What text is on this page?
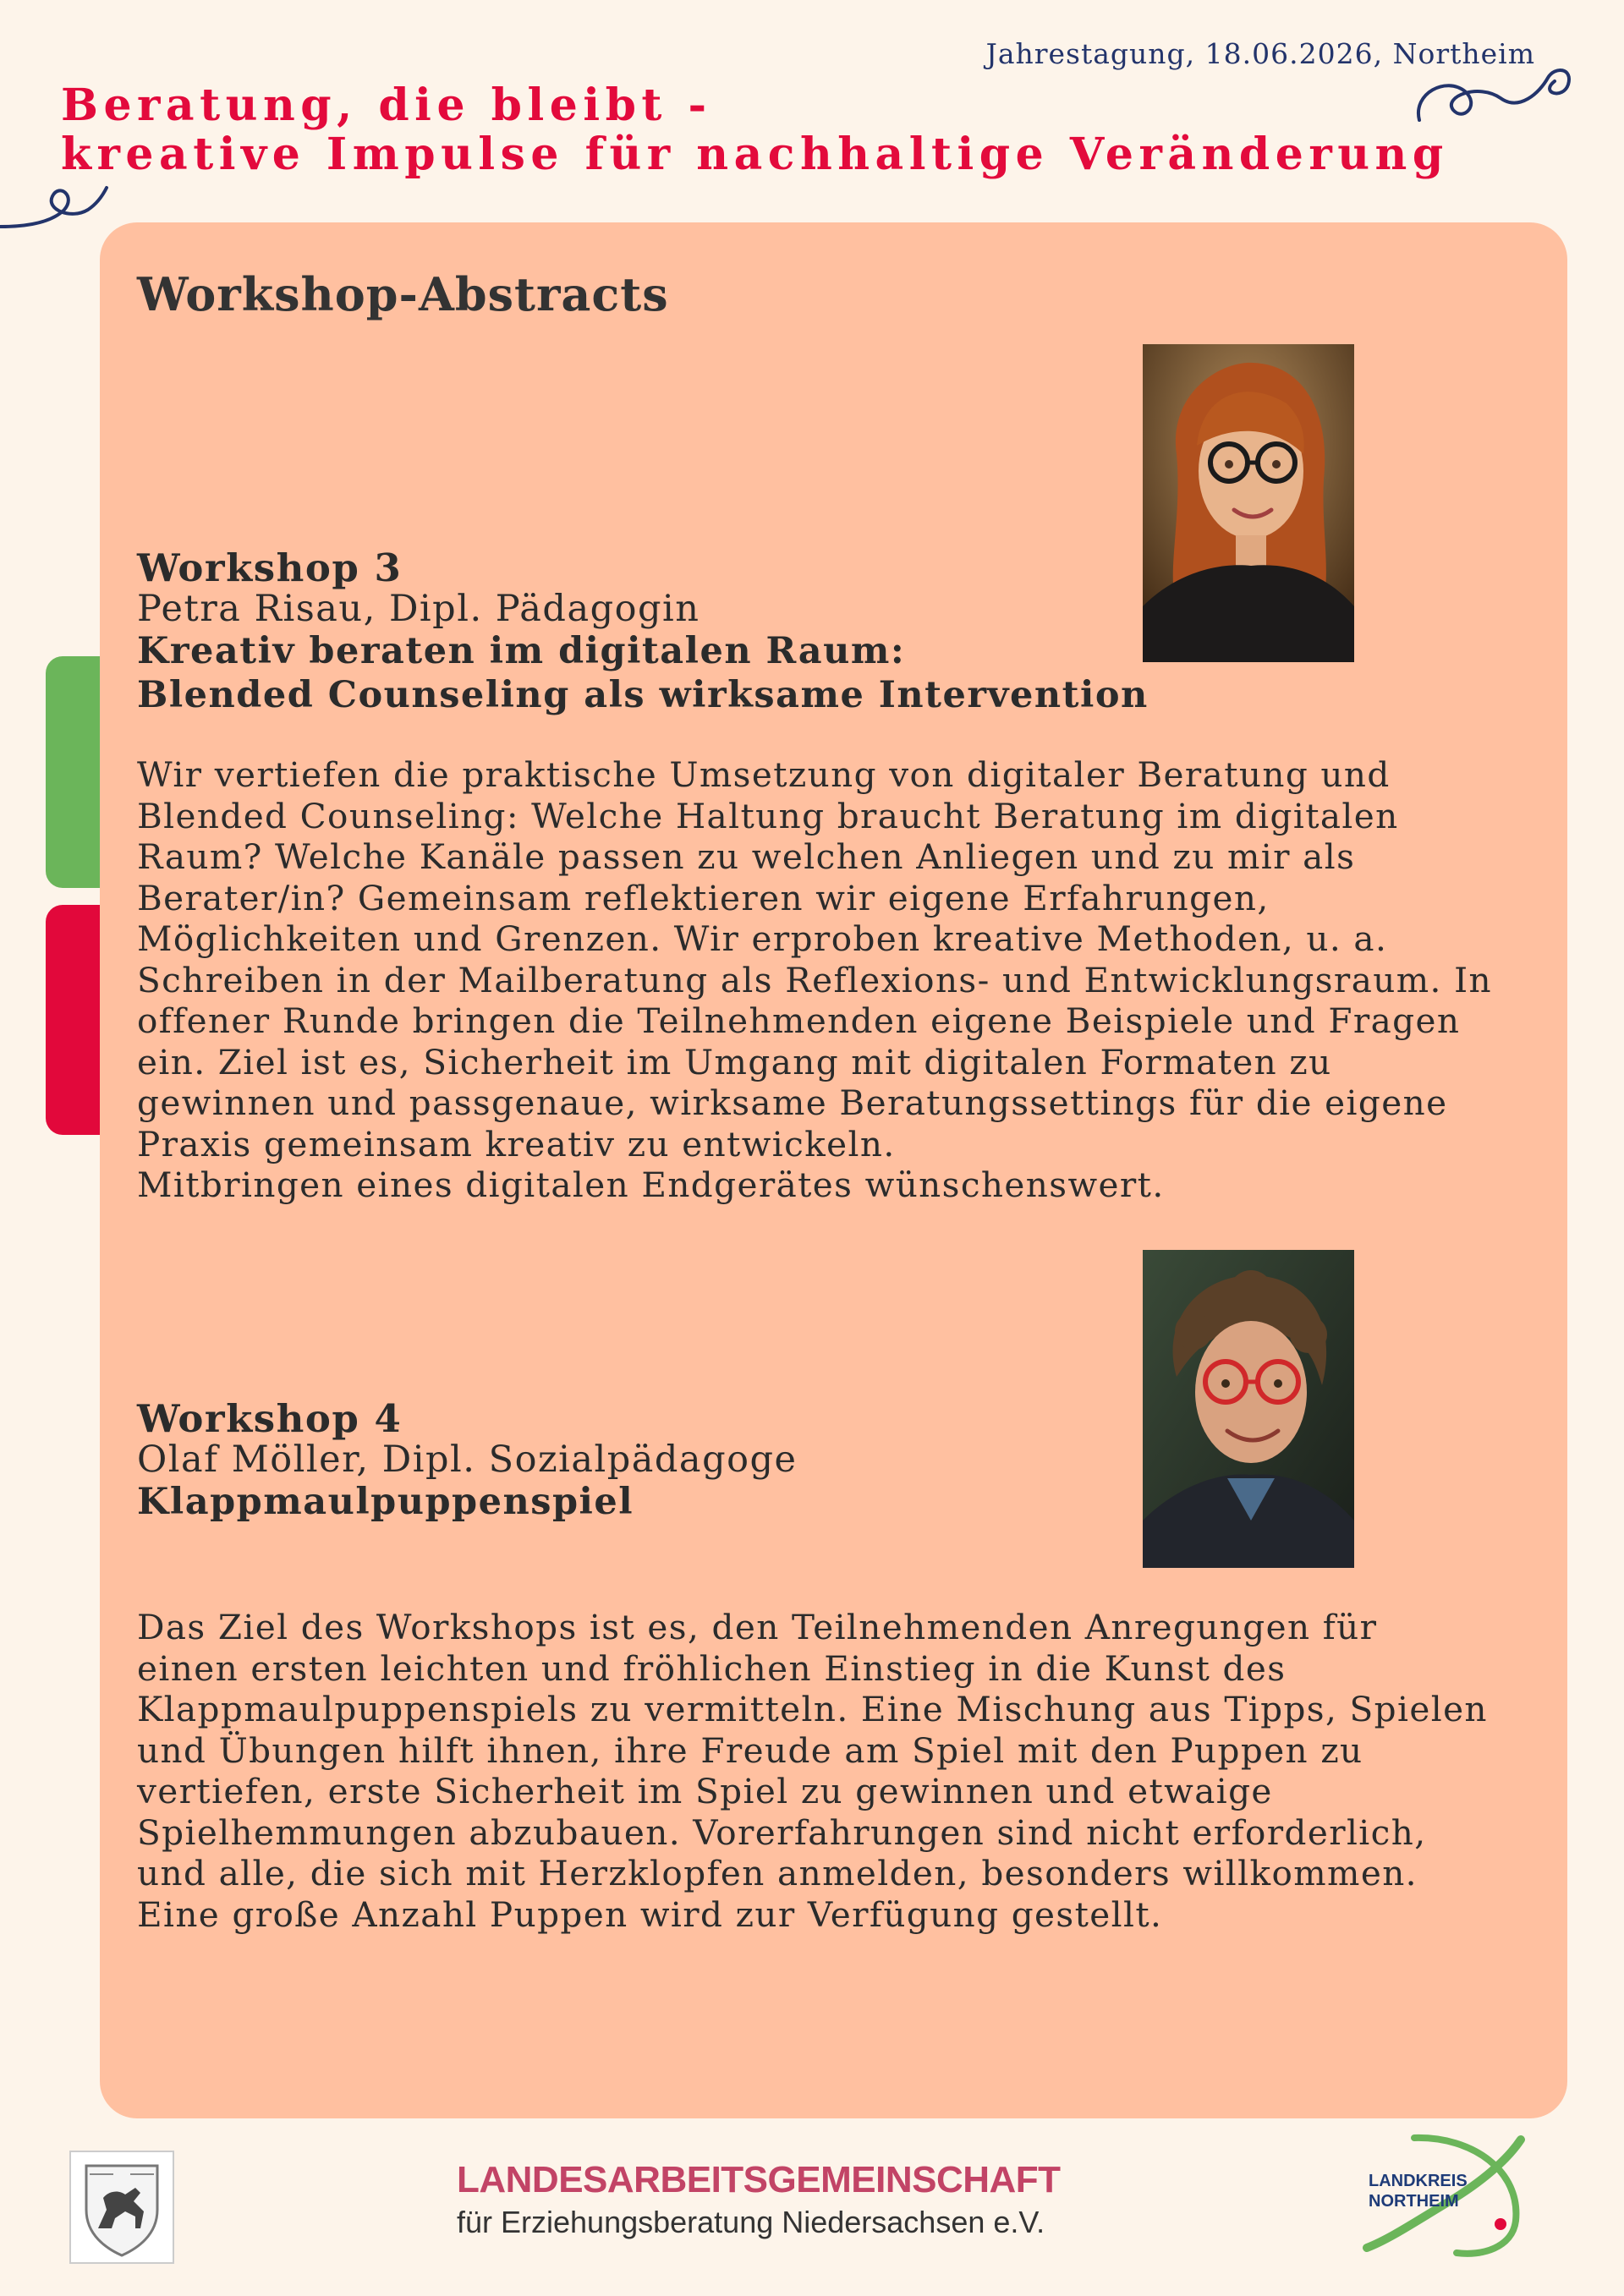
Jahrestagung, 18.06.2026, Northeim
Beratung, die bleibt -
kreative Impulse für nachhaltige Veränderung
Workshop-Abstracts
Workshop 3
Petra Risau, Dipl. Pädagogin
Kreativ beraten im digitalen Raum:
Blended Counseling als wirksame Intervention
Wir vertiefen die praktische Umsetzung von digitaler Beratung und
Blended Counseling: Welche Haltung braucht Beratung im digitalen
Raum? Welche Kanäle passen zu welchen Anliegen und zu mir als
Berater/in? Gemeinsam reflektieren wir eigene Erfahrungen,
Möglichkeiten und Grenzen. Wir erproben kreative Methoden, u. a.
Schreiben in der Mailberatung als Reflexions- und Entwicklungsraum. In
offener Runde bringen die Teilnehmenden eigene Beispiele und Fragen
ein. Ziel ist es, Sicherheit im Umgang mit digitalen Formaten zu
gewinnen und passgenaue, wirksame Beratungssettings für die eigene
Praxis gemeinsam kreativ zu entwickeln.
Mitbringen eines digitalen Endgerätes wünschenswert.
Workshop 4
Olaf Möller, Dipl. Sozialpädagoge
Klappmaulpuppenspiel
Das Ziel des Workshops ist es, den Teilnehmenden Anregungen für
einen ersten leichten und fröhlichen Einstieg in die Kunst des
Klappmaulpuppenspiels zu vermitteln. Eine Mischung aus Tipps, Spielen
und Übungen hilft ihnen, ihre Freude am Spiel mit den Puppen zu
vertiefen, erste Sicherheit im Spiel zu gewinnen und etwaige
Spielhemmungen abzubauen. Vorerfahrungen sind nicht erforderlich,
und alle, die sich mit Herzklopfen anmelden, besonders willkommen.
Eine große Anzahl Puppen wird zur Verfügung gestellt.
LANDESARBEITSGEMEINSCHAFT
für Erziehungsberatung Niedersachsen e.V.
LANDKREIS
NORTHEIM
